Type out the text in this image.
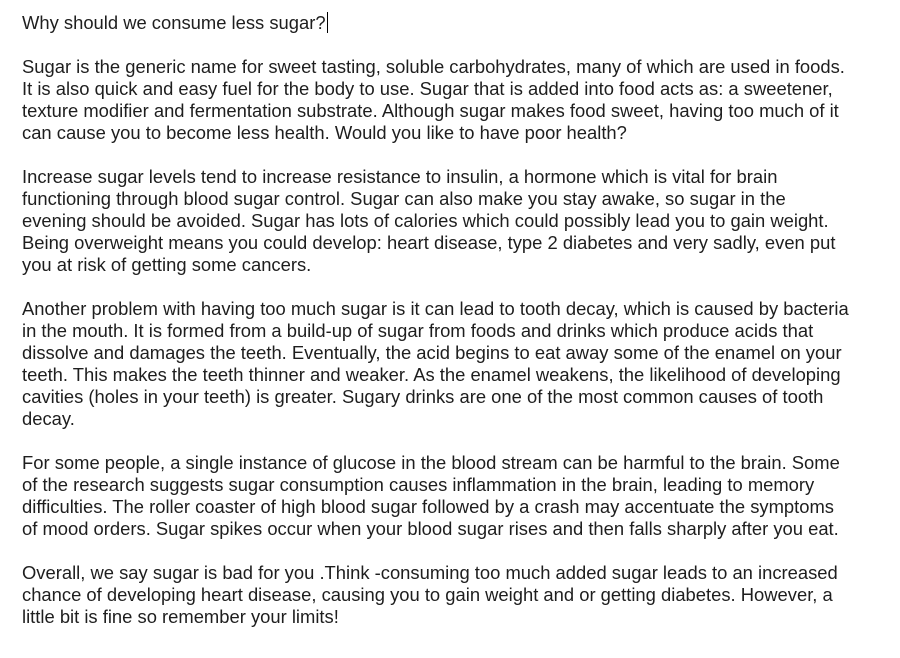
Why should we consume less sugar?

Sugar is the generic name for sweet tasting, soluble carbohydrates, many of which are used in foods. It is also quick and easy fuel for the body to use. Sugar that is added into food acts as: a sweetener, texture modifier and fermentation substrate. Although sugar makes food sweet, having too much of it can cause you to become less health. Would you like to have poor health?

Increase sugar levels tend to increase resistance to insulin, a hormone which is vital for brain functioning through blood sugar control. Sugar can also make you stay awake, so sugar in the evening should be avoided. Sugar has lots of calories which could possibly lead you to gain weight. Being overweight means you could develop: heart disease, type 2 diabetes and very sadly, even put you at risk of getting some cancers.

Another problem with having too much sugar is it can lead to tooth decay, which is caused by bacteria in the mouth. It is formed from a build-up of sugar from foods and drinks which produce acids that dissolve and damages the teeth. Eventually, the acid begins to eat away some of the enamel on your teeth. This makes the teeth thinner and weaker. As the enamel weakens, the likelihood of developing cavities (holes in your teeth) is greater. Sugary drinks are one of the most common causes of tooth decay.

For some people, a single instance of glucose in the blood stream can be harmful to the brain. Some of the research suggests sugar consumption causes inflammation in the brain, leading to memory difficulties. The roller coaster of high blood sugar followed by a crash may accentuate the symptoms of mood orders. Sugar spikes occur when your blood sugar rises and then falls sharply after you eat.

Overall, we say sugar is bad for you .Think -consuming too much added sugar leads to an increased chance of developing heart disease, causing you to gain weight and or getting diabetes. However, a little bit is fine so remember your limits!
